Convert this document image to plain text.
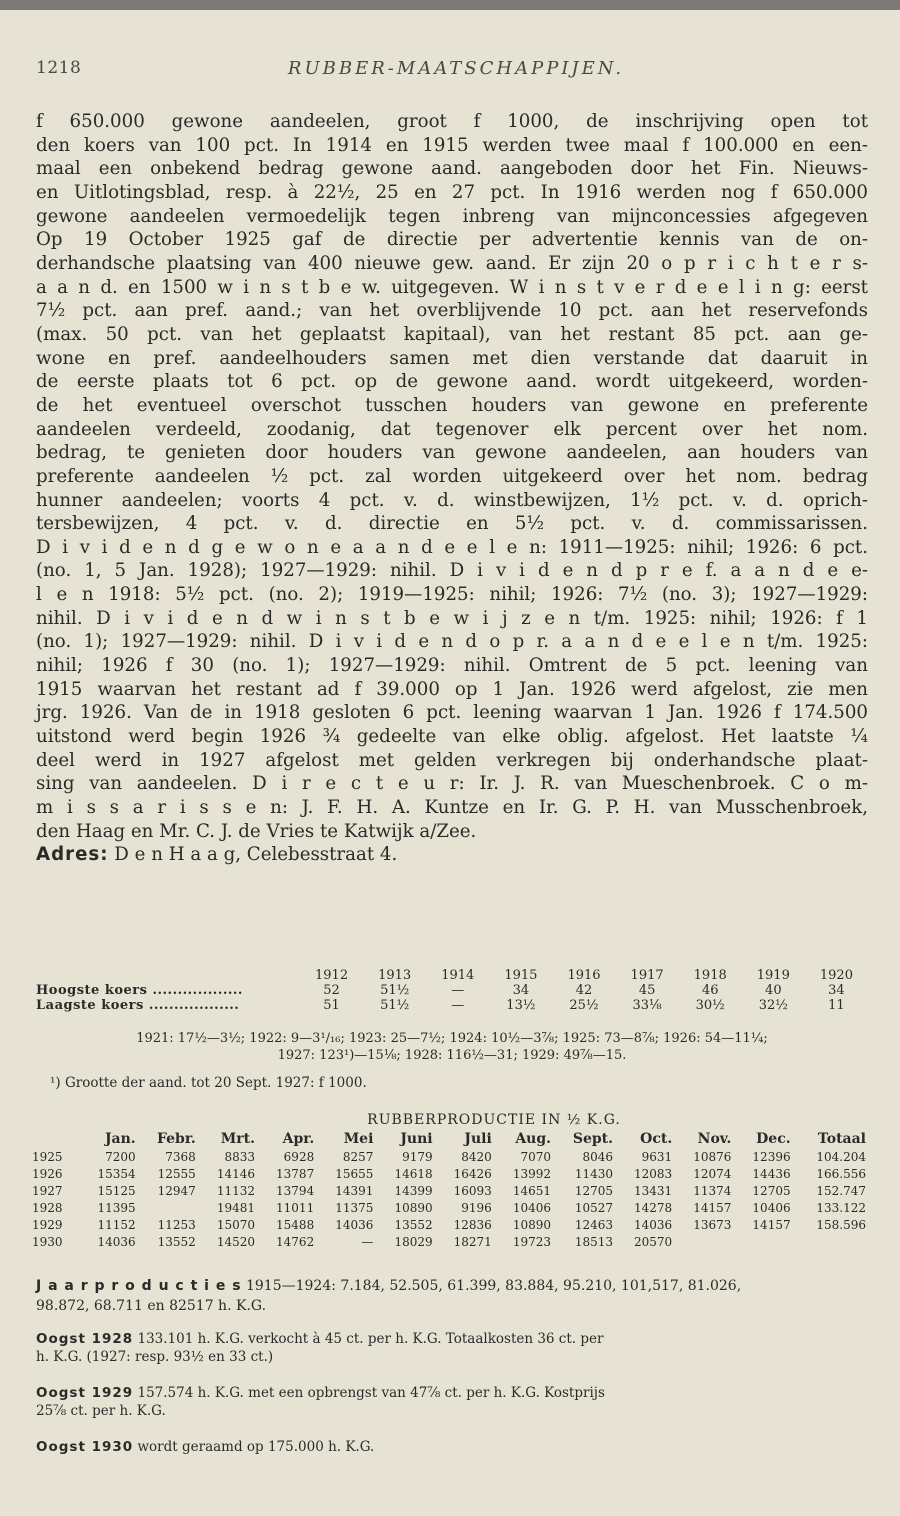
1218	RUBBER-MAATSCHAPPIJEN.

f 650.000 gewone aandeelen, groot f 1000, de inschrijving open tot

den koers van 100 pct. In 1914 en 1915 werden twee maal f 100.000 en een-

maal een onbekend bedrag gewone aand. aangeboden door het Fin. Nieuws-

en Uitlotingsblad, resp. à 22½, 25 en 27 pct. In 1916 werden nog f 650.000

gewone aandeelen vermoedelijk tegen inbreng van mijnconcessies afgegeven

Op 19 October 1925 gaf de directie per advertentie kennis van de on-

derhandsche plaatsing van 400 nieuwe gew. aand. Er zijn 20 o p r i c h t e r s-

a a n d. en 1500 w i n s t b e w. uitgegeven. W i n s t v e r d e e l i n g: eerst

7½ pct. aan pref. aand.; van het overblijvende 10 pct. aan het reservefonds

(max. 50 pct. van het geplaatst kapitaal), van het restant 85 pct. aan ge-

wone en pref. aandeelhouders samen met dien verstande dat daaruit in

de eerste plaats tot 6 pct. op de gewone aand. wordt uitgekeerd, worden-

de het eventueel overschot tusschen houders van gewone en preferente

aandeelen verdeeld, zoodanig, dat tegenover elk percent over het nom.

bedrag, te genieten door houders van gewone aandeelen, aan houders van

preferente aandeelen ½ pct. zal worden uitgekeerd over het nom. bedrag

hunner aandeelen; voorts 4 pct. v. d. winstbewijzen, 1½ pct. v. d. oprich-

tersbewijzen, 4 pct. v. d. directie en 5½ pct. v. d. commissarissen.

D i v i d e n d g e w o n e a a n d e e l e n: 1911—1925: nihil; 1926: 6 pct.

(no. 1, 5 Jan. 1928); 1927—1929: nihil. D i v i d e n d p r e f. a a n d e e-

l e n 1918: 5½ pct. (no. 2); 1919—1925: nihil; 1926: 7½ (no. 3); 1927—1929:

nihil. D i v i d e n d w i n s t b e w i j z e n t/m. 1925: nihil; 1926: f 1

(no. 1); 1927—1929: nihil. D i v i d e n d o p r. a a n d e e l e n t/m. 1925:

nihil; 1926 f 30 (no. 1); 1927—1929: nihil. Omtrent de 5 pct. leening van

1915 waarvan het restant ad f 39.000 op 1 Jan. 1926 werd afgelost, zie men

jrg. 1926. Van de in 1918 gesloten 6 pct. leening waarvan 1 Jan. 1926 f 174.500

uitstond werd begin 1926 ¾ gedeelte van elke oblig. afgelost. Het laatste ¼

deel werd in 1927 afgelost met gelden verkregen bij onderhandsche plaat-

sing van aandeelen. D i r e c t e u r: Ir. J. R. van Mueschenbroek. C o m-

m i s s a r i s s e n: J. F. H. A. Kuntze en Ir. G. P. H. van Musschenbroek,

den Haag en Mr. C. J. de Vries te Katwijk a/Zee.

Adres: D e n H a a g, Celebesstraat 4.

	1912	1913	1914	1915	1916	1917	1918	1919	1920
Hoogste koers ..................	52	51½	—	34	42	45	46	40	34
Laagste koers ..................	51	51½	—	13½	25½	33⅛	30½	32½	11
1921: 17½—3½; 1922: 9—3¹/₁₆; 1923: 25—7½; 1924: 10½—3⅞; 1925: 73—8⅞; 1926: 54—11¼;
1927: 123¹)—15⅛; 1928: 116½—31; 1929: 49⅞—15.
¹) Grootte der aand. tot 20 Sept. 1927: f 1000.
RUBBERPRODUCTIE IN ½ K.G.
	Jan.	Febr.	Mrt.	Apr.	Mei	Juni	Juli	Aug.	Sept.	Oct.	Nov.	Dec.	Totaal
1925	7200	7368	8833	6928	8257	9179	8420	7070	8046	9631	10876	12396	104.204
1926	15354	12555	14146	13787	15655	14618	16426	13992	11430	12083	12074	14436	166.556
1927	15125	12947	11132	13794	14391	14399	16093	14651	12705	13431	11374	12705	152.747
1928	11395		19481	11011	11375	10890	9196	10406	10527	14278	14157	10406	133.122
1929	11152	11253	15070	15488	14036	13552	12836	10890	12463	14036	13673	14157	158.596
1930	14036	13552	14520	14762	—	18029	18271	19723	18513	20570			
J a a r p r o d u c t i e s 1915—1924: 7.184, 52.505, 61.399, 83.884, 95.210, 101,517, 81.026,
98.872, 68.711 en 82517 h. K.G.
Oogst 1928 133.101 h. K.G. verkocht à 45 ct. per h. K.G. Totaalkosten 36 ct. per
h. K.G. (1927: resp. 93½ en 33 ct.)
Oogst 1929 157.574 h. K.G. met een opbrengst van 47⅞ ct. per h. K.G. Kostprijs
25⅞ ct. per h. K.G.
Oogst 1930 wordt geraamd op 175.000 h. K.G.
